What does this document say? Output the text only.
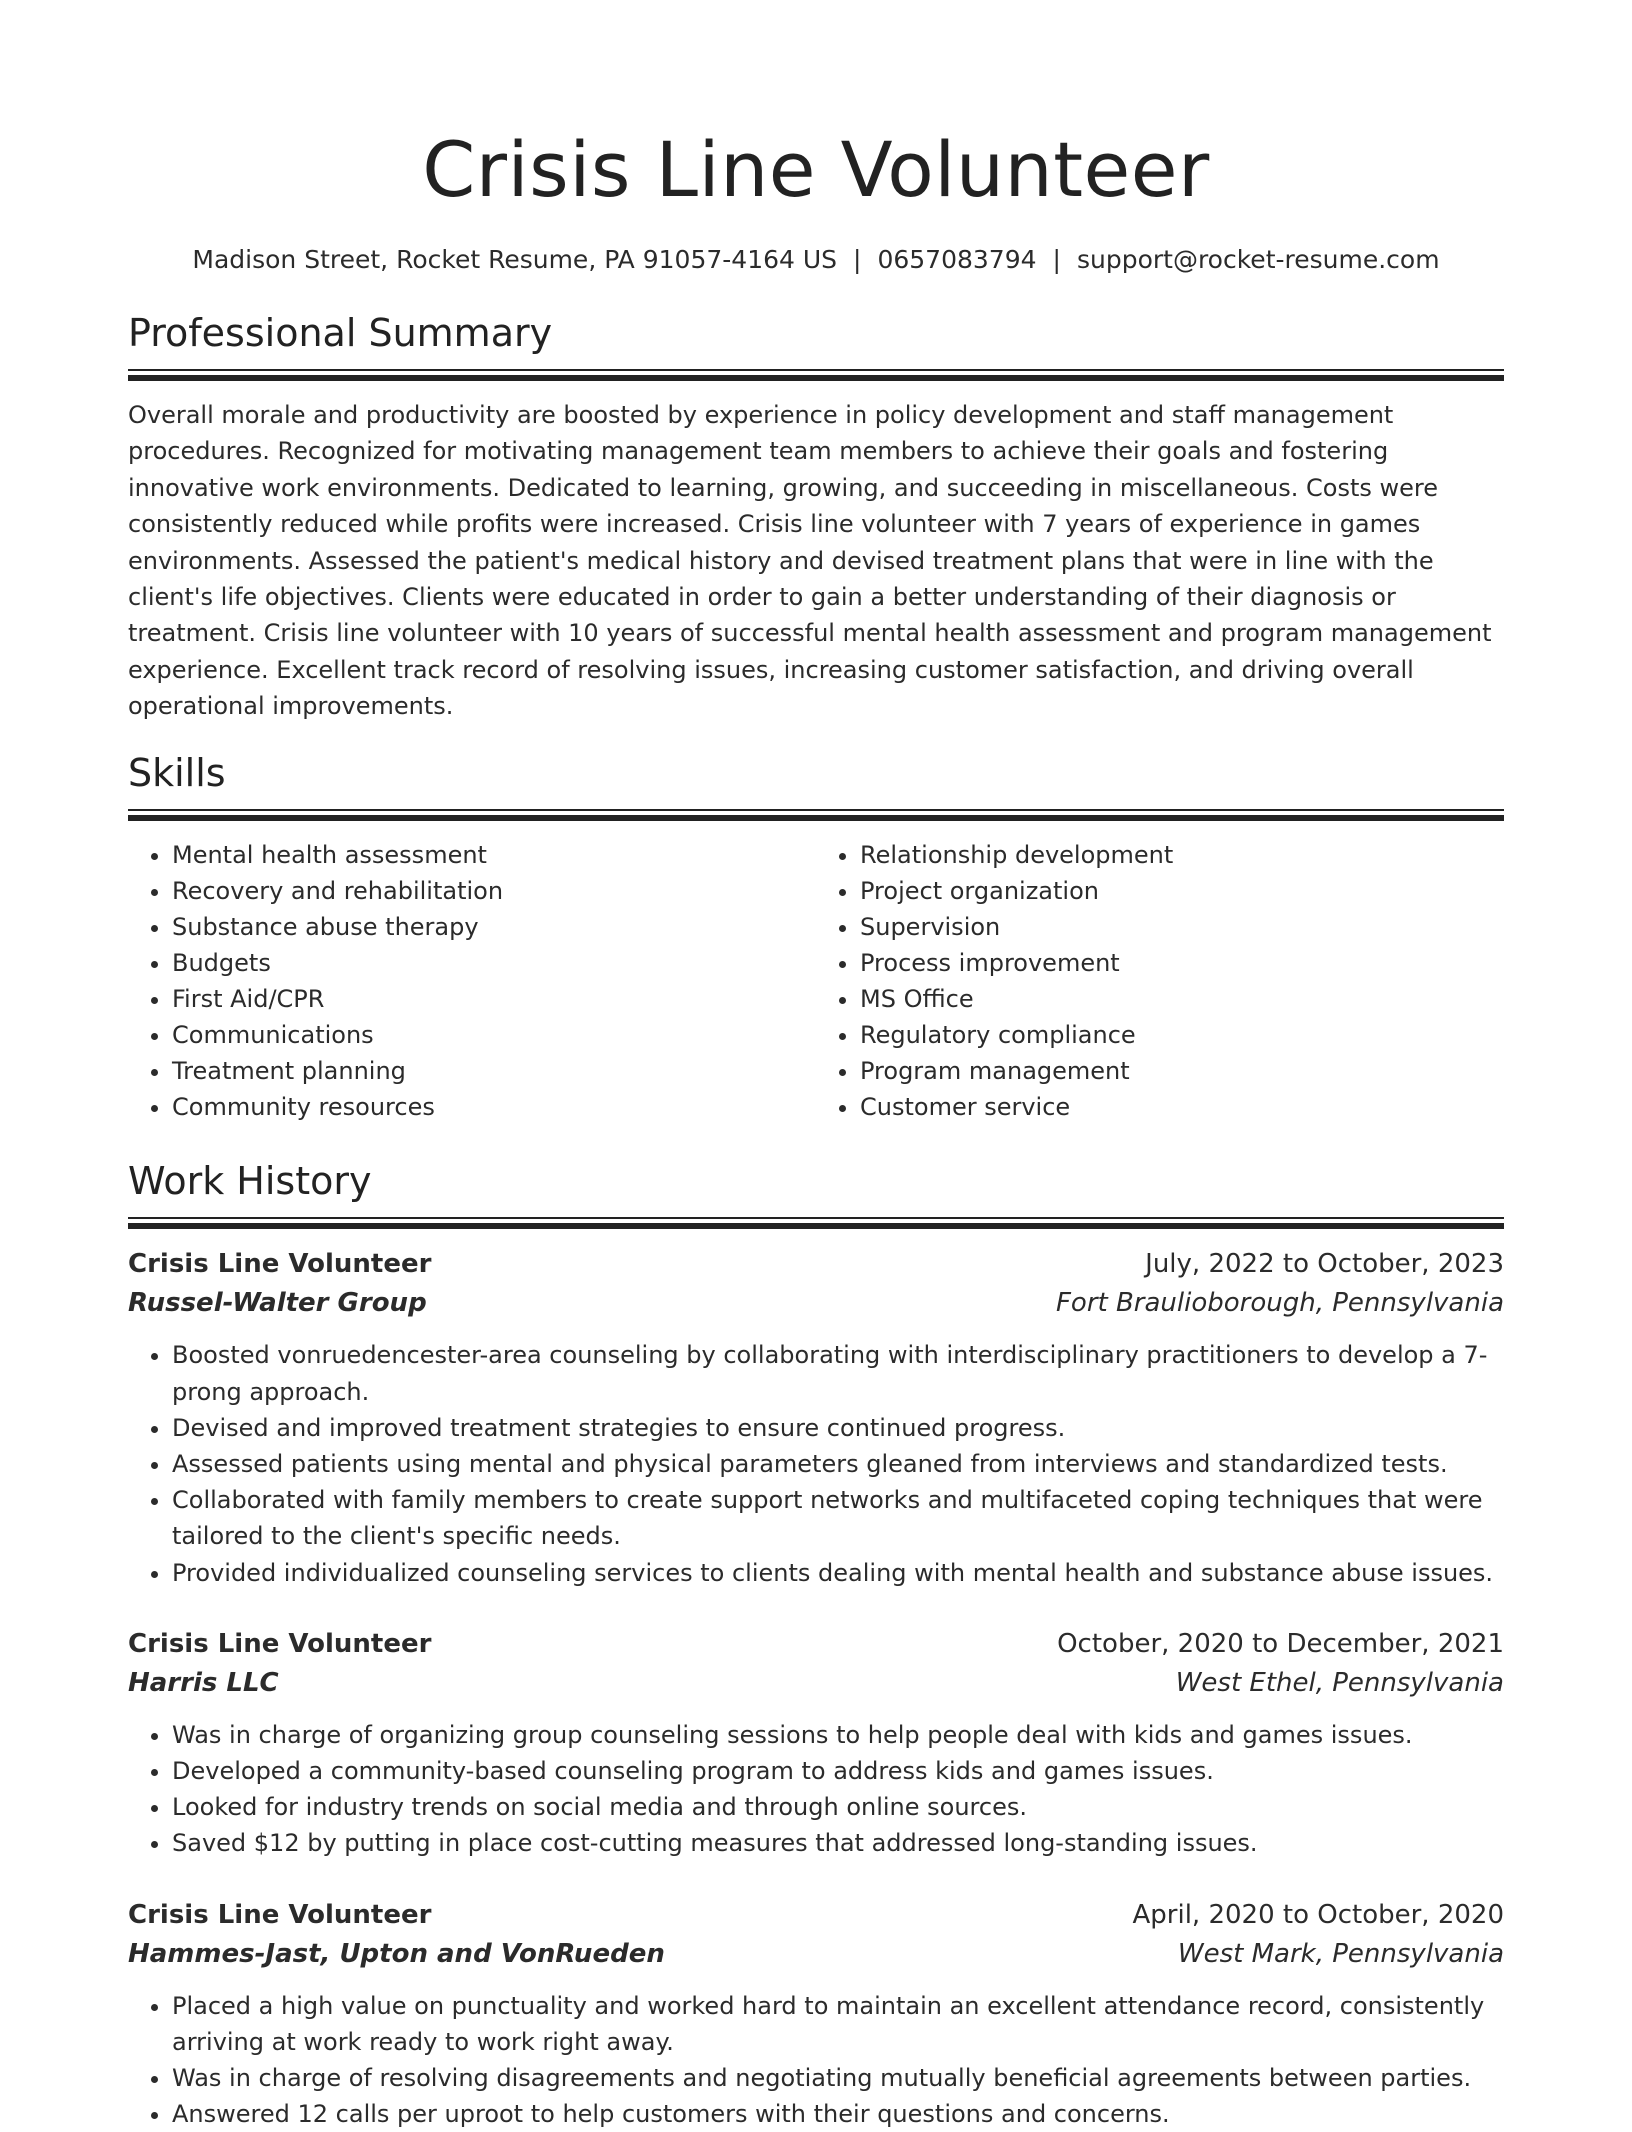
Crisis Line Volunteer
Madison Street, Rocket Resume, PA 91057-4164 US | 0657083794 | support@rocket-resume.com
Professional Summary

Overall morale and productivity are boosted by experience in policy development and staff management procedures. Recognized for motivating management team members to achieve their goals and fostering innovative work environments. Dedicated to learning, growing, and succeeding in miscellaneous. Costs were consistently reduced while profits were increased. Crisis line volunteer with 7 years of experience in games environments. Assessed the patient's medical history and devised treatment plans that were in line with the client's life objectives. Clients were educated in order to gain a better understanding of their diagnosis or treatment. Crisis line volunteer with 10 years of successful mental health assessment and program management experience. Excellent track record of resolving issues, increasing customer satisfaction, and driving overall operational improvements.

Skills
• Mental health assessment
• Recovery and rehabilitation
• Substance abuse therapy
• Budgets
• First Aid/CPR
• Communications
• Treatment planning
• Community resources
• Relationship development
• Project organization
• Supervision
• Process improvement
• MS Office
• Regulatory compliance
• Program management
• Customer service
Work History
Crisis Line Volunteer	July, 2022 to October, 2023
Russel-Walter Group	Fort Braulioborough, Pennsylvania
• Boosted vonruedencester-area counseling by collaborating with interdisciplinary practitioners to develop a 7-prong approach.
• Devised and improved treatment strategies to ensure continued progress.
• Assessed patients using mental and physical parameters gleaned from interviews and standardized tests.
• Collaborated with family members to create support networks and multifaceted coping techniques that were tailored to the client's specific needs.
• Provided individualized counseling services to clients dealing with mental health and substance abuse issues.
Crisis Line Volunteer	October, 2020 to December, 2021
Harris LLC	West Ethel, Pennsylvania
• Was in charge of organizing group counseling sessions to help people deal with kids and games issues.
• Developed a community-based counseling program to address kids and games issues.
• Looked for industry trends on social media and through online sources.
• Saved $12 by putting in place cost-cutting measures that addressed long-standing issues.
Crisis Line Volunteer	April, 2020 to October, 2020
Hammes-Jast, Upton and VonRueden	West Mark, Pennsylvania
• Placed a high value on punctuality and worked hard to maintain an excellent attendance record, consistently arriving at work ready to work right away.
• Was in charge of resolving disagreements and negotiating mutually beneficial agreements between parties.
• Answered 12 calls per uproot to help customers with their questions and concerns.
